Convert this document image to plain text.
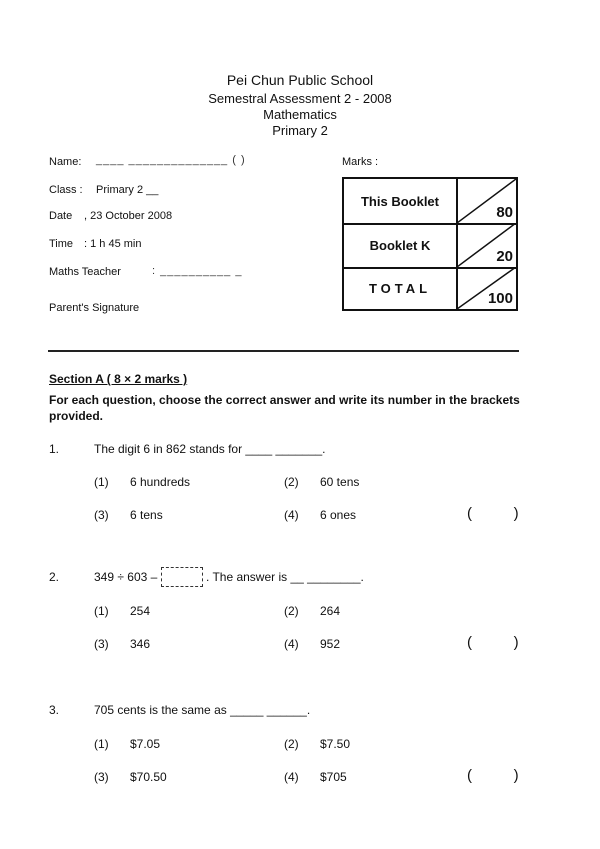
Pei Chun Public School
Semestral Assessment 2 - 2008
Mathematics
Primary 2
Name: ____ ______________ ( )	Marks :
Class : Primary 2 __
Date , 23 October 2008
Time : 1 h 45 min
Maths Teacher	: __________ _
Parent's Signature
This Booklet
80
Booklet K
20
TOTAL
100
Section A ( 8 × 2 marks )
For each question, choose the correct answer and write its number in the brackets provided.
1.	The digit 6 in 862 stands for ____ _______.
(1) 6 hundreds	(2) 60 tens
(3) 6 tens	(4) 6 ones	(          )
2.	349 ÷ 603 –	. The answer is __ ________.
(1) 254	(2) 264
(3) 346	(4) 952	(          )
3.	705 cents is the same as _____ ______.
(1) $7.05	(2) $7.50
(3) $70.50	(4) $705	(          )
